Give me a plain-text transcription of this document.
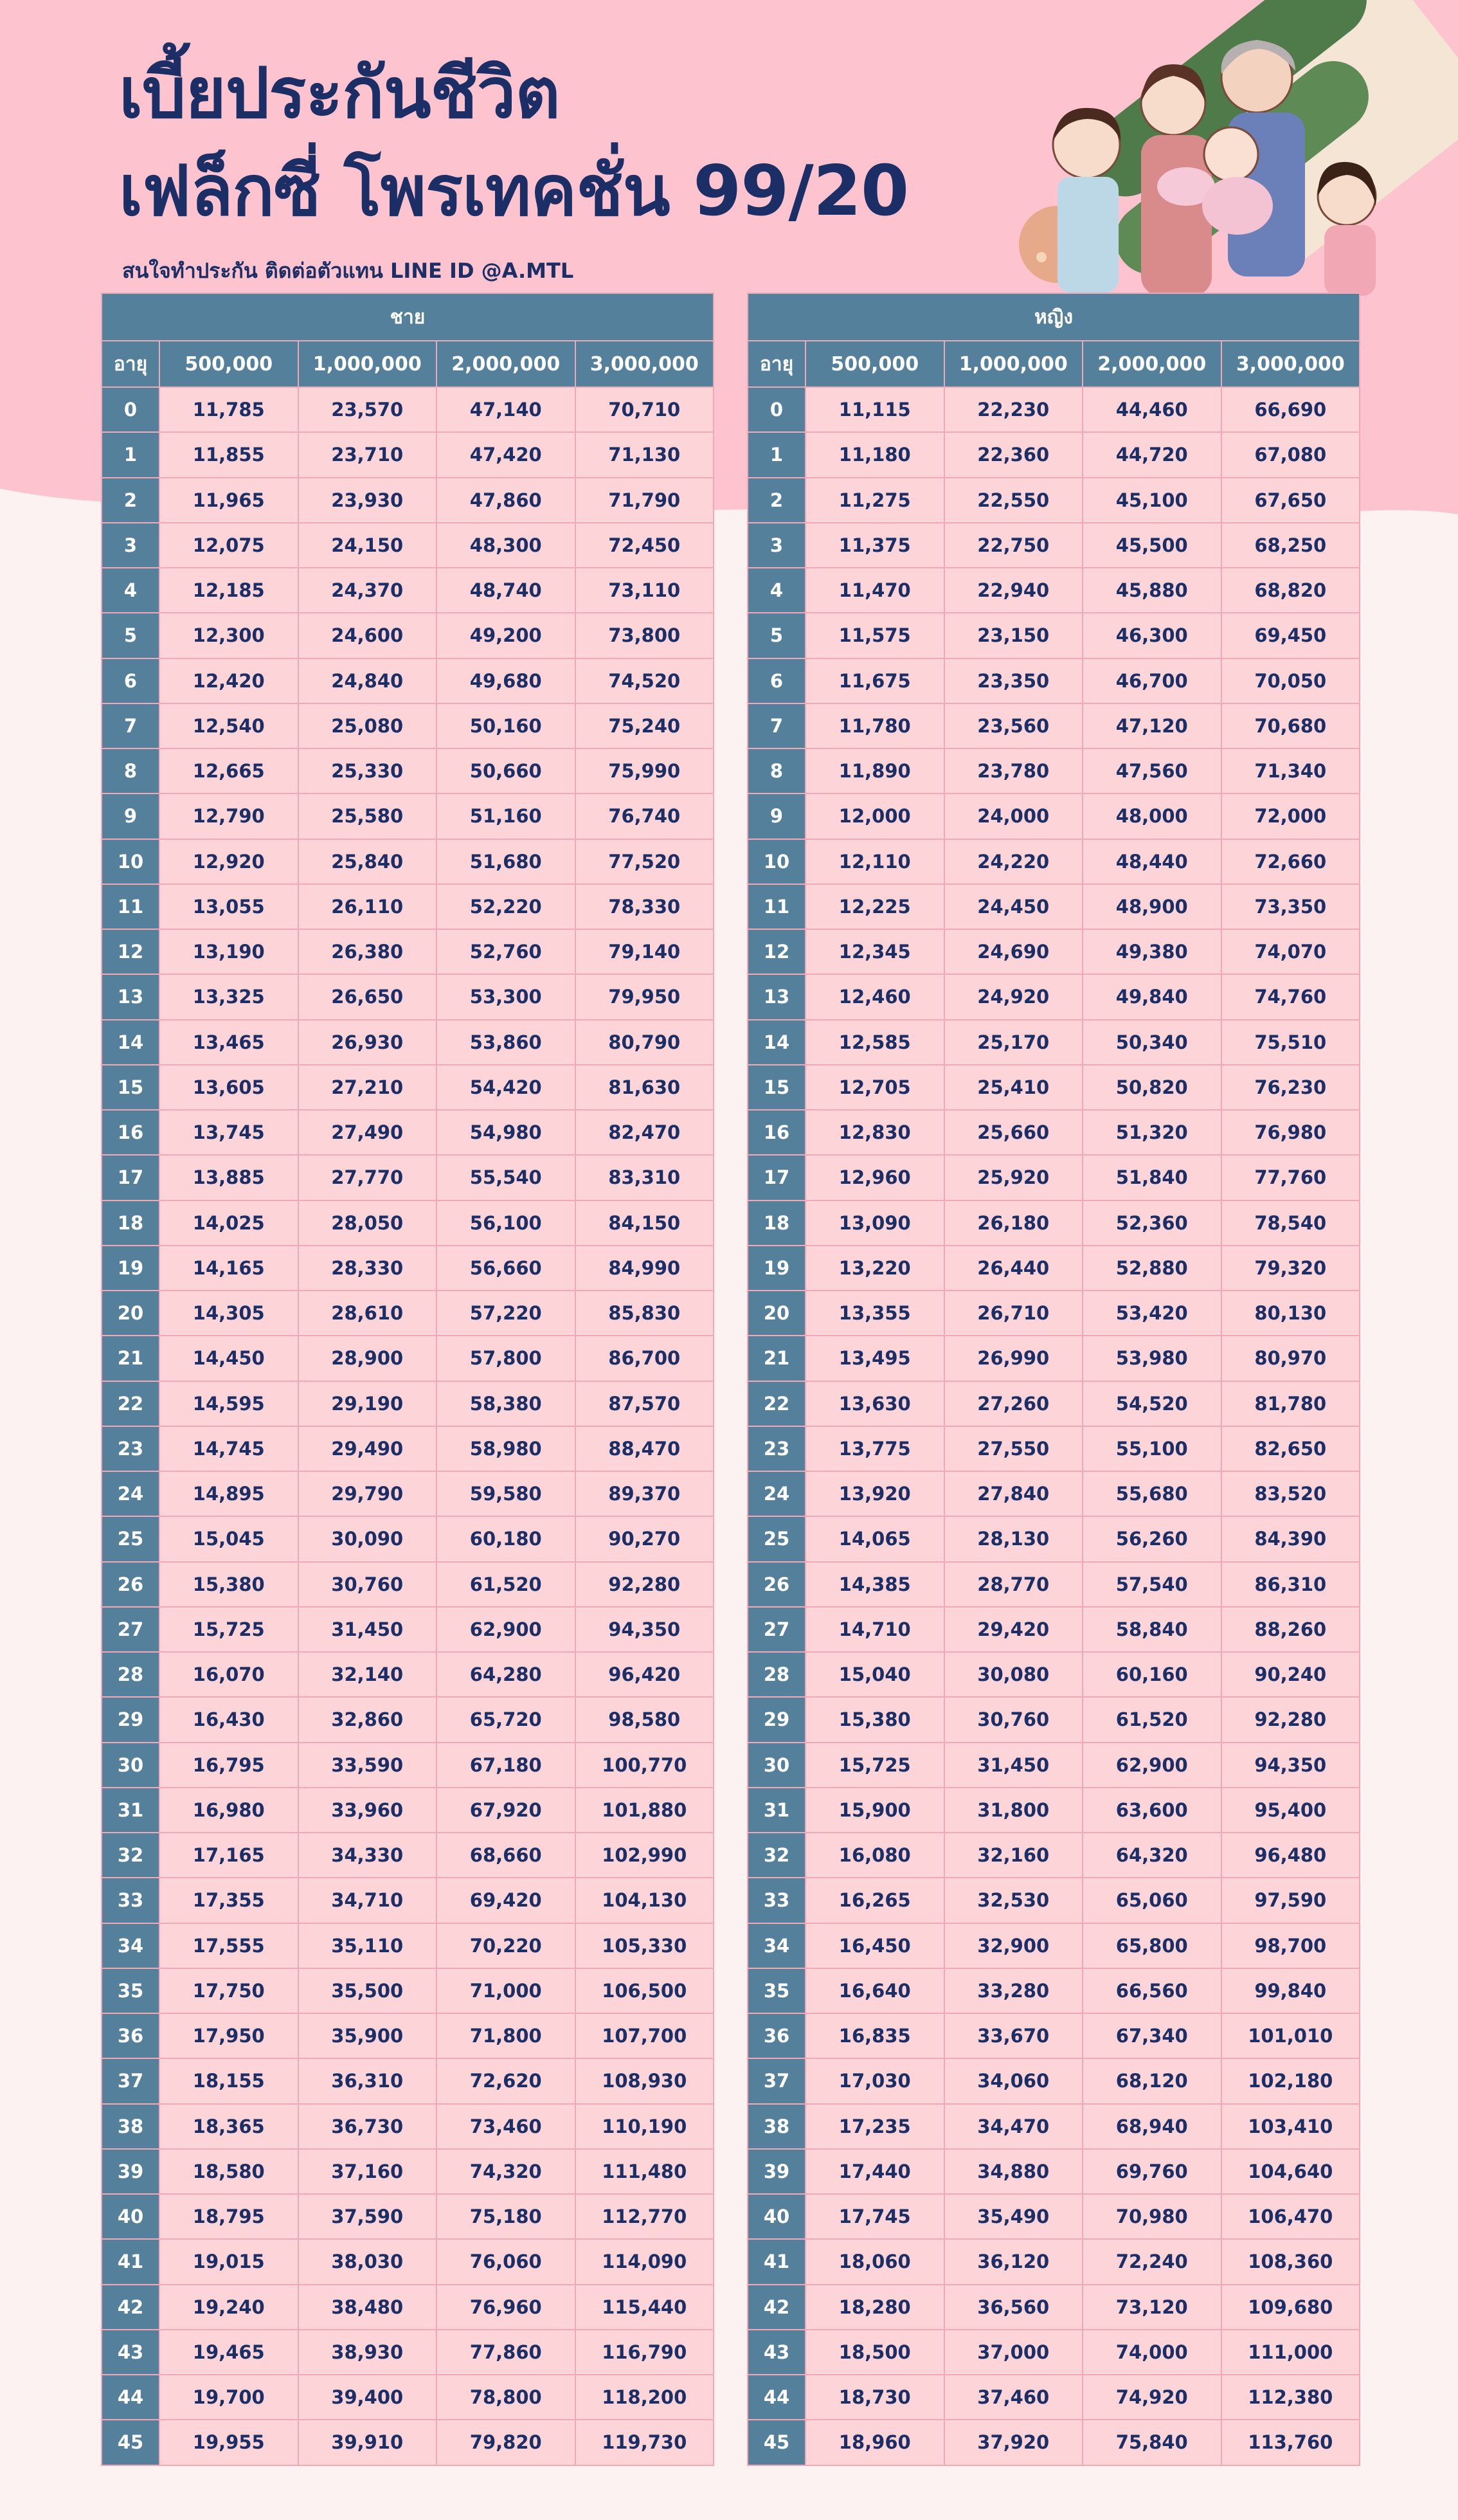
เบี้ยประกันชีวิต
เฟล็กซี่ โพรเทคชั่น 99/20
สนใจทำประกัน ติดต่อตัวแทน LINE ID @A.MTL
ชาย				
อายุ	500,000	1,000,000	2,000,000	3,000,000
0	11,785	23,570	47,140	70,710
1	11,855	23,710	47,420	71,130
2	11,965	23,930	47,860	71,790
3	12,075	24,150	48,300	72,450
4	12,185	24,370	48,740	73,110
5	12,300	24,600	49,200	73,800
6	12,420	24,840	49,680	74,520
7	12,540	25,080	50,160	75,240
8	12,665	25,330	50,660	75,990
9	12,790	25,580	51,160	76,740
10	12,920	25,840	51,680	77,520
11	13,055	26,110	52,220	78,330
12	13,190	26,380	52,760	79,140
13	13,325	26,650	53,300	79,950
14	13,465	26,930	53,860	80,790
15	13,605	27,210	54,420	81,630
16	13,745	27,490	54,980	82,470
17	13,885	27,770	55,540	83,310
18	14,025	28,050	56,100	84,150
19	14,165	28,330	56,660	84,990
20	14,305	28,610	57,220	85,830
21	14,450	28,900	57,800	86,700
22	14,595	29,190	58,380	87,570
23	14,745	29,490	58,980	88,470
24	14,895	29,790	59,580	89,370
25	15,045	30,090	60,180	90,270
26	15,380	30,760	61,520	92,280
27	15,725	31,450	62,900	94,350
28	16,070	32,140	64,280	96,420
29	16,430	32,860	65,720	98,580
30	16,795	33,590	67,180	100,770
31	16,980	33,960	67,920	101,880
32	17,165	34,330	68,660	102,990
33	17,355	34,710	69,420	104,130
34	17,555	35,110	70,220	105,330
35	17,750	35,500	71,000	106,500
36	17,950	35,900	71,800	107,700
37	18,155	36,310	72,620	108,930
38	18,365	36,730	73,460	110,190
39	18,580	37,160	74,320	111,480
40	18,795	37,590	75,180	112,770
41	19,015	38,030	76,060	114,090
42	19,240	38,480	76,960	115,440
43	19,465	38,930	77,860	116,790
44	19,700	39,400	78,800	118,200
45	19,955	39,910	79,820	119,730
หญิง				
อายุ	500,000	1,000,000	2,000,000	3,000,000
0	11,115	22,230	44,460	66,690
1	11,180	22,360	44,720	67,080
2	11,275	22,550	45,100	67,650
3	11,375	22,750	45,500	68,250
4	11,470	22,940	45,880	68,820
5	11,575	23,150	46,300	69,450
6	11,675	23,350	46,700	70,050
7	11,780	23,560	47,120	70,680
8	11,890	23,780	47,560	71,340
9	12,000	24,000	48,000	72,000
10	12,110	24,220	48,440	72,660
11	12,225	24,450	48,900	73,350
12	12,345	24,690	49,380	74,070
13	12,460	24,920	49,840	74,760
14	12,585	25,170	50,340	75,510
15	12,705	25,410	50,820	76,230
16	12,830	25,660	51,320	76,980
17	12,960	25,920	51,840	77,760
18	13,090	26,180	52,360	78,540
19	13,220	26,440	52,880	79,320
20	13,355	26,710	53,420	80,130
21	13,495	26,990	53,980	80,970
22	13,630	27,260	54,520	81,780
23	13,775	27,550	55,100	82,650
24	13,920	27,840	55,680	83,520
25	14,065	28,130	56,260	84,390
26	14,385	28,770	57,540	86,310
27	14,710	29,420	58,840	88,260
28	15,040	30,080	60,160	90,240
29	15,380	30,760	61,520	92,280
30	15,725	31,450	62,900	94,350
31	15,900	31,800	63,600	95,400
32	16,080	32,160	64,320	96,480
33	16,265	32,530	65,060	97,590
34	16,450	32,900	65,800	98,700
35	16,640	33,280	66,560	99,840
36	16,835	33,670	67,340	101,010
37	17,030	34,060	68,120	102,180
38	17,235	34,470	68,940	103,410
39	17,440	34,880	69,760	104,640
40	17,745	35,490	70,980	106,470
41	18,060	36,120	72,240	108,360
42	18,280	36,560	73,120	109,680
43	18,500	37,000	74,000	111,000
44	18,730	37,460	74,920	112,380
45	18,960	37,920	75,840	113,760
